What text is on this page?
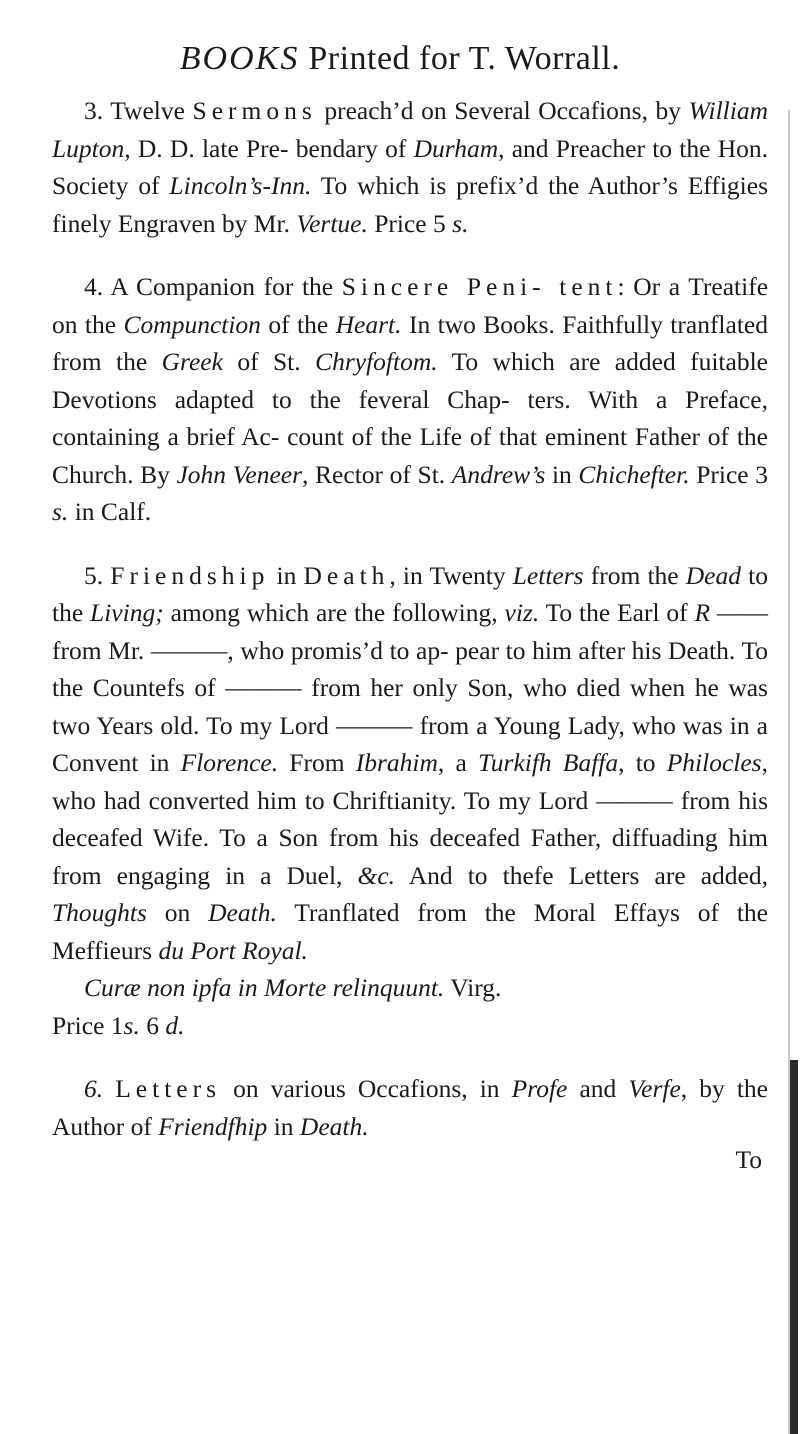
BOOKS Printed for T. Worrall.

3. Twelve Sermons preach’d on Several Occafions, by William Lupton, D. D. late Pre- bendary of Durham, and Preacher to the Hon. Society of Lincoln’s-Inn. To which is prefix’d the Author’s Effigies finely Engraven by Mr. Vertue. Price 5 s.

4. A Companion for the Sincere Peni- tent: Or a Treatife on the Compunction of the Heart. In two Books. Faithfully tranflated from the Greek of St. Chryfoftom. To which are added fuitable Devotions adapted to the feveral Chap- ters. With a Preface, containing a brief Ac- count of the Life of that eminent Father of the Church. By John Veneer, Rector of St. Andrew’s in Chichefter. Price 3 s. in Calf.

5. Friendship in Death, in Twenty Letters from the Dead to the Living; among which are the following, viz. To the Earl of R —— from Mr. ———, who promis’d to ap- pear to him after his Death. To the Countefs of ——— from her only Son, who died when he was two Years old. To my Lord ——— from a Young Lady, who was in a Convent in Florence. From Ibrahim, a Turkifh Baffa, to Philocles, who had converted him to Chriftianity. To my Lord ——— from his deceafed Wife. To a Son from his deceafed Father, diffuading him from engaging in a Duel, &c. And to thefe Letters are added, Thoughts on Death. Tranflated from the Moral Effays of the Meffieurs du Port Royal.

Curæ non ipfa in Morte relinquunt. Virg.
Price 1s. 6 d.

6. Letters on various Occafions, in Profe and Verfe, by the Author of Friendfhip in Death.

To
